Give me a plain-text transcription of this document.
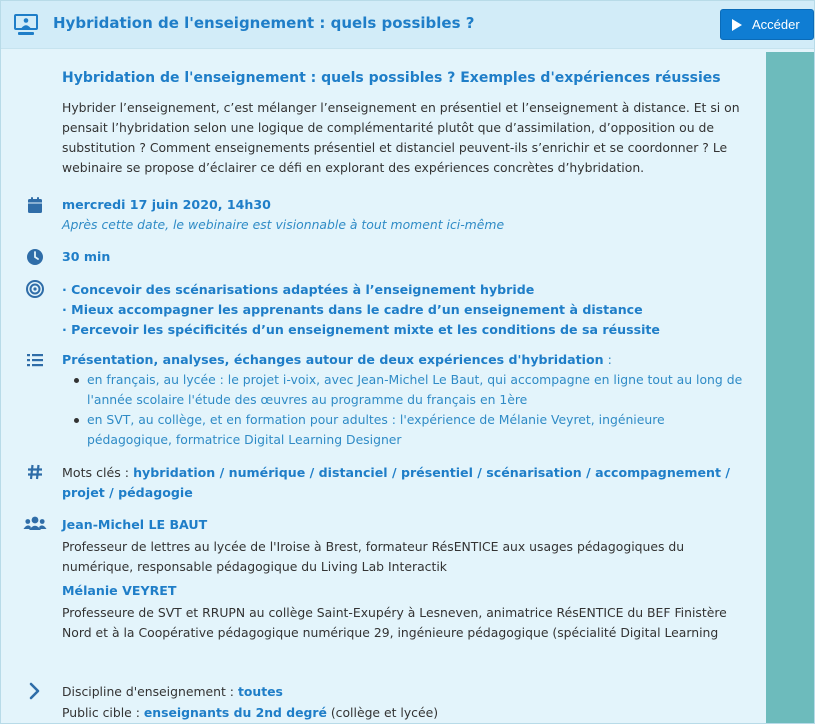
Hybridation de l'enseignement : quels possibles ?	Accéder
Hybridation de l'enseignement : quels possibles ? Exemples d'expériences réussies
Hybrider l’enseignement, c’est mélanger l’enseignement en présentiel et l’enseignement à distance. Et si on pensait l’hybridation selon une logique de complémentarité plutôt que d’assimilation, d’opposition ou de substitution ? Comment enseignements présentiel et distanciel peuvent-ils s’enrichir et se coordonner ? Le webinaire se propose d’éclairer ce défi en explorant des expériences concrètes d’hybridation.
mercredi 17 juin 2020, 14h30
Après cette date, le webinaire est visionnable à tout moment ici-même
30 min
· Concevoir des scénarisations adaptées à l’enseignement hybride
· Mieux accompagner les apprenants dans le cadre d’un enseignement à distance
· Percevoir les spécificités d’un enseignement mixte et les conditions de sa réussite
Présentation, analyses, échanges autour de deux expériences d'hybridation :
en français, au lycée : le projet i-voix, avec Jean-Michel Le Baut, qui accompagne en ligne tout au long de l'année scolaire l'étude des œuvres au programme du français en 1ère
en SVT, au collège, et en formation pour adultes : l'expérience de Mélanie Veyret, ingénieure pédagogique, formatrice Digital Learning Designer
Mots clés : hybridation / numérique / distanciel / présentiel / scénarisation / accompagnement / projet / pédagogie
Jean-Michel LE BAUT
Professeur de lettres au lycée de l'Iroise à Brest, formateur RésENTICE aux usages pédagogiques du numérique, responsable pédagogique du Living Lab Interactik
Mélanie VEYRET
Professeure de SVT et RRUPN au collège Saint-Exupéry à Lesneven, animatrice RésENTICE du BEF Finistère Nord et à la Coopérative pédagogique numérique 29, ingénieure pédagogique (spécialité Digital Learning
Discipline d'enseignement : toutes
Public cible : enseignants du 2nd degré (collège et lycée)
